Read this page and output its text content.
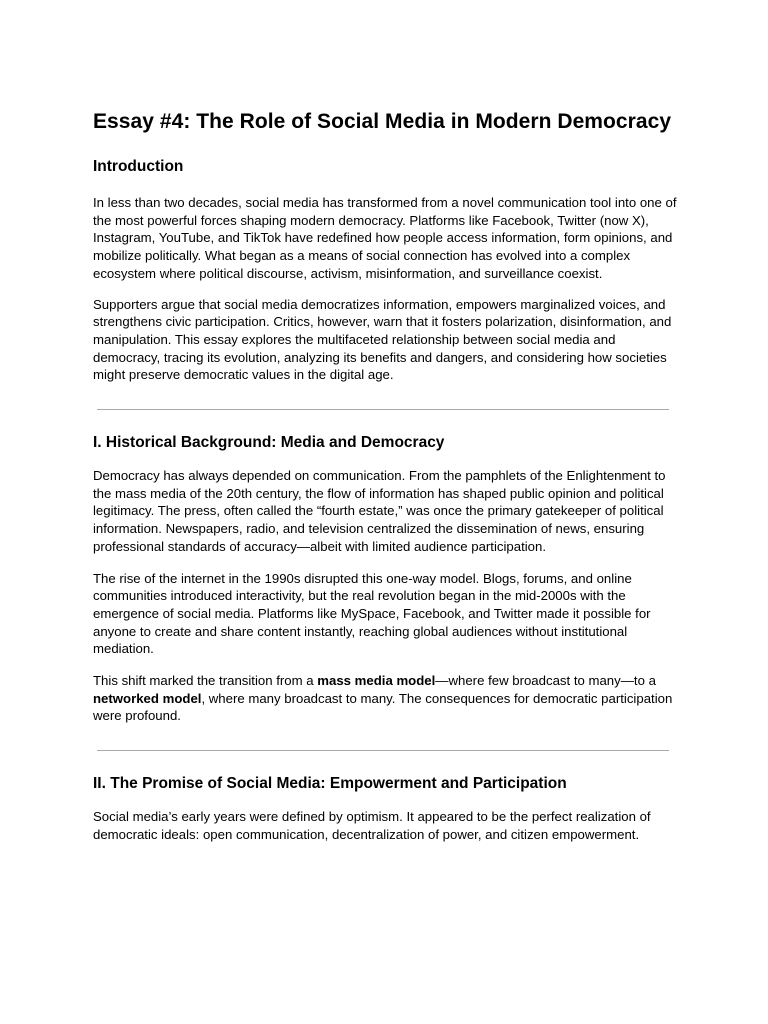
Essay #4: The Role of Social Media in Modern Democracy
Introduction

In less than two decades, social media has transformed from a novel communication tool into one of the most powerful forces shaping modern democracy. Platforms like Facebook, Twitter (now X), Instagram, YouTube, and TikTok have redefined how people access information, form opinions, and mobilize politically. What began as a means of social connection has evolved into a complex ecosystem where political discourse, activism, misinformation, and surveillance coexist.

Supporters argue that social media democratizes information, empowers marginalized voices, and strengthens civic participation. Critics, however, warn that it fosters polarization, disinformation, and manipulation. This essay explores the multifaceted relationship between social media and democracy, tracing its evolution, analyzing its benefits and dangers, and considering how societies might preserve democratic values in the digital age.

I. Historical Background: Media and Democracy

Democracy has always depended on communication. From the pamphlets of the Enlightenment to the mass media of the 20th century, the flow of information has shaped public opinion and political legitimacy. The press, often called the “fourth estate,” was once the primary gatekeeper of political information. Newspapers, radio, and television centralized the dissemination of news, ensuring professional standards of accuracy—albeit with limited audience participation.

The rise of the internet in the 1990s disrupted this one-way model. Blogs, forums, and online communities introduced interactivity, but the real revolution began in the mid-2000s with the emergence of social media. Platforms like MySpace, Facebook, and Twitter made it possible for anyone to create and share content instantly, reaching global audiences without institutional mediation.

This shift marked the transition from a mass media model—where few broadcast to many—to a networked model, where many broadcast to many. The consequences for democratic participation were profound.

II. The Promise of Social Media: Empowerment and Participation

Social media’s early years were defined by optimism. It appeared to be the perfect realization of democratic ideals: open communication, decentralization of power, and citizen empowerment.
